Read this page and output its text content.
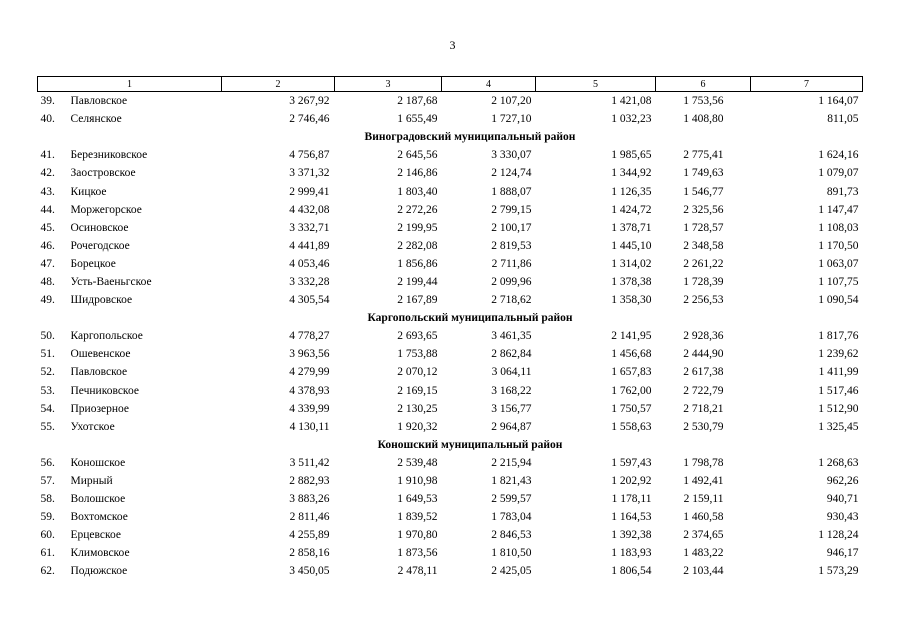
3
1		2	3	4	5	6	7
39.	Павловское	3 267,92	2 187,68	2 107,20	1 421,08	1 753,56	1 164,07
40.	Селянское	2 746,46	1 655,49	1 727,10	1 032,23	1 408,80	811,05
Виноградовский муниципальный район							
41.	Березниковское	4 756,87	2 645,56	3 330,07	1 985,65	2 775,41	1 624,16
42.	Заостровское	3 371,32	2 146,86	2 124,74	1 344,92	1 749,63	1 079,07
43.	Кицкое	2 999,41	1 803,40	1 888,07	1 126,35	1 546,77	891,73
44.	Моржегорское	4 432,08	2 272,26	2 799,15	1 424,72	2 325,56	1 147,47
45.	Осиновское	3 332,71	2 199,95	2 100,17	1 378,71	1 728,57	1 108,03
46.	Рочегодское	4 441,89	2 282,08	2 819,53	1 445,10	2 348,58	1 170,50
47.	Борецкое	4 053,46	1 856,86	2 711,86	1 314,02	2 261,22	1 063,07
48.	Усть-Ваеньгское	3 332,28	2 199,44	2 099,96	1 378,38	1 728,39	1 107,75
49.	Шидровское	4 305,54	2 167,89	2 718,62	1 358,30	2 256,53	1 090,54
Каргопольский муниципальный район							
50.	Каргопольское	4 778,27	2 693,65	3 461,35	2 141,95	2 928,36	1 817,76
51.	Ошевенское	3 963,56	1 753,88	2 862,84	1 456,68	2 444,90	1 239,62
52.	Павловское	4 279,99	2 070,12	3 064,11	1 657,83	2 617,38	1 411,99
53.	Печниковское	4 378,93	2 169,15	3 168,22	1 762,00	2 722,79	1 517,46
54.	Приозерное	4 339,99	2 130,25	3 156,77	1 750,57	2 718,21	1 512,90
55.	Ухотское	4 130,11	1 920,32	2 964,87	1 558,63	2 530,79	1 325,45
Коношский муниципальный район							
56.	Коношское	3 511,42	2 539,48	2 215,94	1 597,43	1 798,78	1 268,63
57.	Мирный	2 882,93	1 910,98	1 821,43	1 202,92	1 492,41	962,26
58.	Волошское	3 883,26	1 649,53	2 599,57	1 178,11	2 159,11	940,71
59.	Вохтомское	2 811,46	1 839,52	1 783,04	1 164,53	1 460,58	930,43
60.	Ерцевское	4 255,89	1 970,80	2 846,53	1 392,38	2 374,65	1 128,24
61.	Климовское	2 858,16	1 873,56	1 810,50	1 183,93	1 483,22	946,17
62.	Подюжское	3 450,05	2 478,11	2 425,05	1 806,54	2 103,44	1 573,29
